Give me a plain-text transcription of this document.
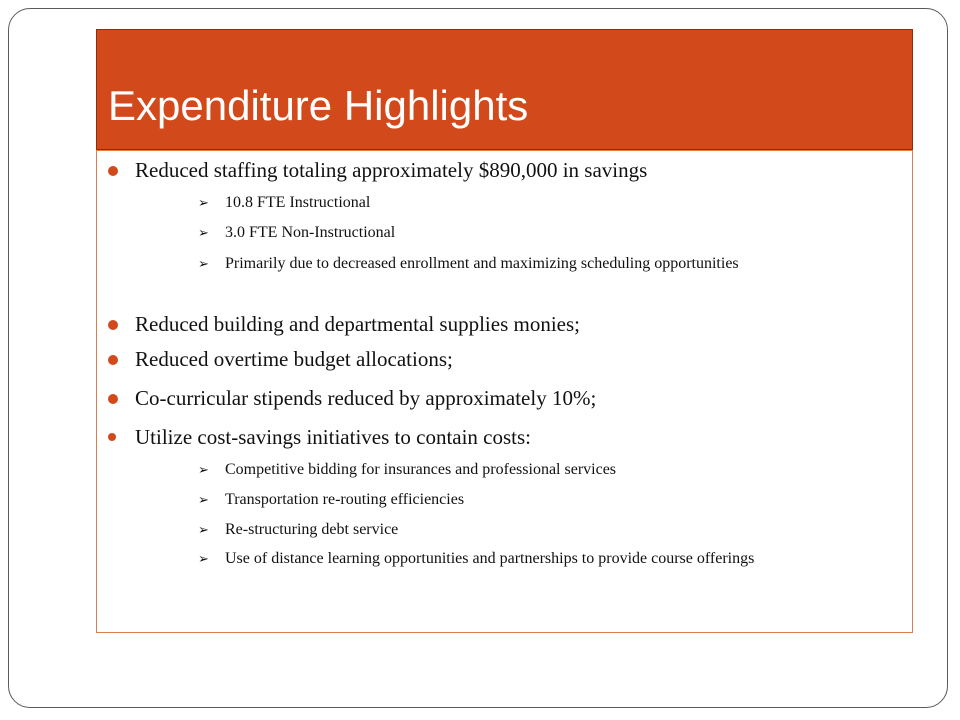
Expenditure Highlights
Reduced staffing totaling approximately $890,000 in savings
➢ 10.8 FTE Instructional
➢ 3.0 FTE Non-Instructional
➢ Primarily due to decreased enrollment and maximizing scheduling opportunities
Reduced building and departmental supplies monies;
Reduced overtime budget allocations;
Co-curricular stipends reduced by approximately 10%;
Utilize cost-savings initiatives to contain costs:
➢ Competitive bidding for insurances and professional services
➢ Transportation re-routing efficiencies
➢ Re-structuring debt service
➢ Use of distance learning opportunities and partnerships to provide course offerings
